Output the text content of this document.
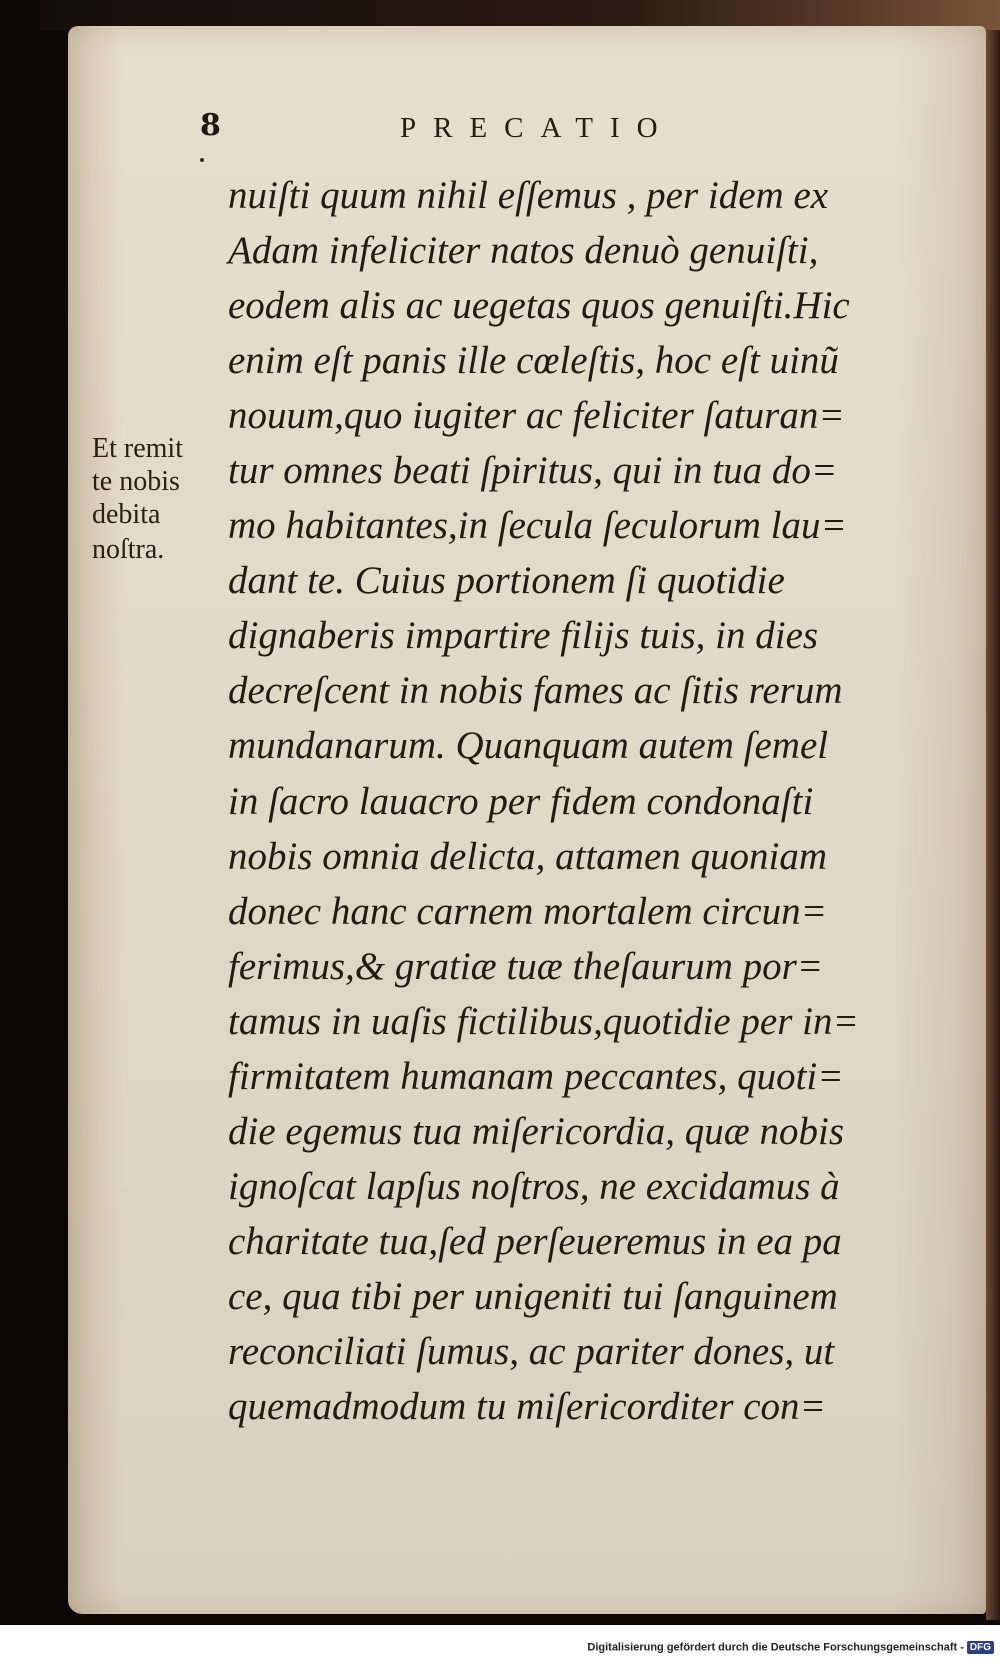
8	PRECATIO
Et remit
te nobis
debita
noſtra.
nuiſti quum nihil eſſemus , per idem ex
Adam infeliciter natos denuò genuiſti,
eodem alis ac uegetas quos genuiſti.Hic
enim eſt panis ille cœleſtis, hoc eſt uinũ
nouum,quo iugiter ac feliciter ſaturan=
tur omnes beati ſpiritus, qui in tua do=
mo habitantes,in ſecula ſeculorum lau=
dant te. Cuius portionem ſi quotidie
dignaberis impartire filijs tuis, in dies
decreſcent in nobis fames ac ſitis rerum
mundanarum. Quanquam autem ſemel
in ſacro lauacro per fidem condonaſti
nobis omnia delicta, attamen quoniam
donec hanc carnem mortalem circun=
ferimus,& gratiæ tuæ theſaurum por=
tamus in uaſis fictilibus,quotidie per in=
firmitatem humanam peccantes, quoti=
die egemus tua miſericordia, quæ nobis
ignoſcat lapſus noſtros, ne excidamus à
charitate tua,ſed perſeueremus in ea pa
ce, qua tibi per unigeniti tui ſanguinem
reconciliati ſumus, ac pariter dones, ut
quemadmodum tu miſericorditer con=
Digitalisierung gefördert durch die Deutsche Forschungsgemeinschaft - DFG
